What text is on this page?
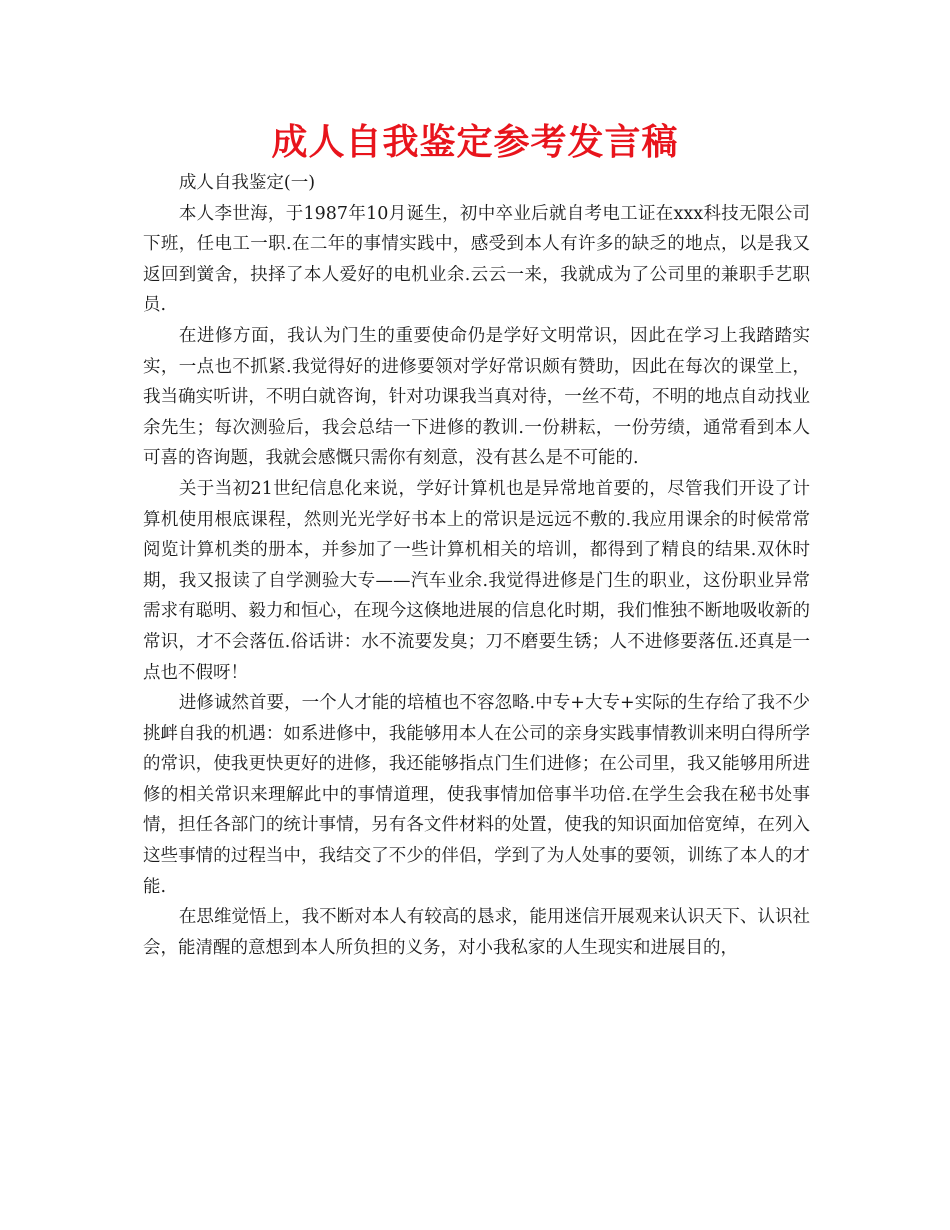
成人自我鉴定参考发言稿

成人自我鉴定(一)

本人李世海，于1987年10月诞生，初中卒业后就自考电工证在xxx科技无限公司下班，任电工一职.在二年的事情实践中，感受到本人有许多的缺乏的地点，以是我又返回到黉舍，抉择了本人爱好的电机业余.云云一来，我就成为了公司里的兼职手艺职员.

在进修方面，我认为门生的重要使命仍是学好文明常识，因此在学习上我踏踏实实，一点也不抓紧.我觉得好的进修要领对学好常识颇有赞助，因此在每次的课堂上，我当确实听讲，不明白就咨询，针对功课我当真对待，一丝不苟，不明的地点自动找业余先生；每次测验后，我会总结一下进修的教训.一份耕耘，一份劳绩，通常看到本人可喜的咨询题，我就会感慨只需你有刻意，没有甚么是不可能的.

关于当初21世纪信息化来说，学好计算机也是异常地首要的，尽管我们开设了计算机使用根底课程，然则光光学好书本上的常识是远远不敷的.我应用课余的时候常常阅览计算机类的册本，并参加了一些计算机相关的培训，都得到了精良的结果.双休时期，我又报读了自学测验大专——汽车业余.我觉得进修是门生的职业，这份职业异常需求有聪明、毅力和恒心，在现今这倏地进展的信息化时期，我们惟独不断地吸收新的常识，才不会落伍.俗话讲：水不流要发臭；刀不磨要生锈；人不进修要落伍.还真是一点也不假呀！

进修诚然首要，一个人才能的培植也不容忽略.中专+大专+实际的生存给了我不少挑衅自我的机遇：如系进修中，我能够用本人在公司的亲身实践事情教训来明白得所学的常识，使我更快更好的进修，我还能够指点门生们进修；在公司里，我又能够用所进修的相关常识来理解此中的事情道理，使我事情加倍事半功倍.在学生会我在秘书处事情，担任各部门的统计事情，另有各文件材料的处置，使我的知识面加倍宽绰，在列入这些事情的过程当中，我结交了不少的伴侣，学到了为人处事的要领，训练了本人的才能.

在思维觉悟上，我不断对本人有较高的恳求，能用迷信开展观来认识天下、认识社会，能清醒的意想到本人所负担的义务，对小我私家的人生现实和进展目的，
